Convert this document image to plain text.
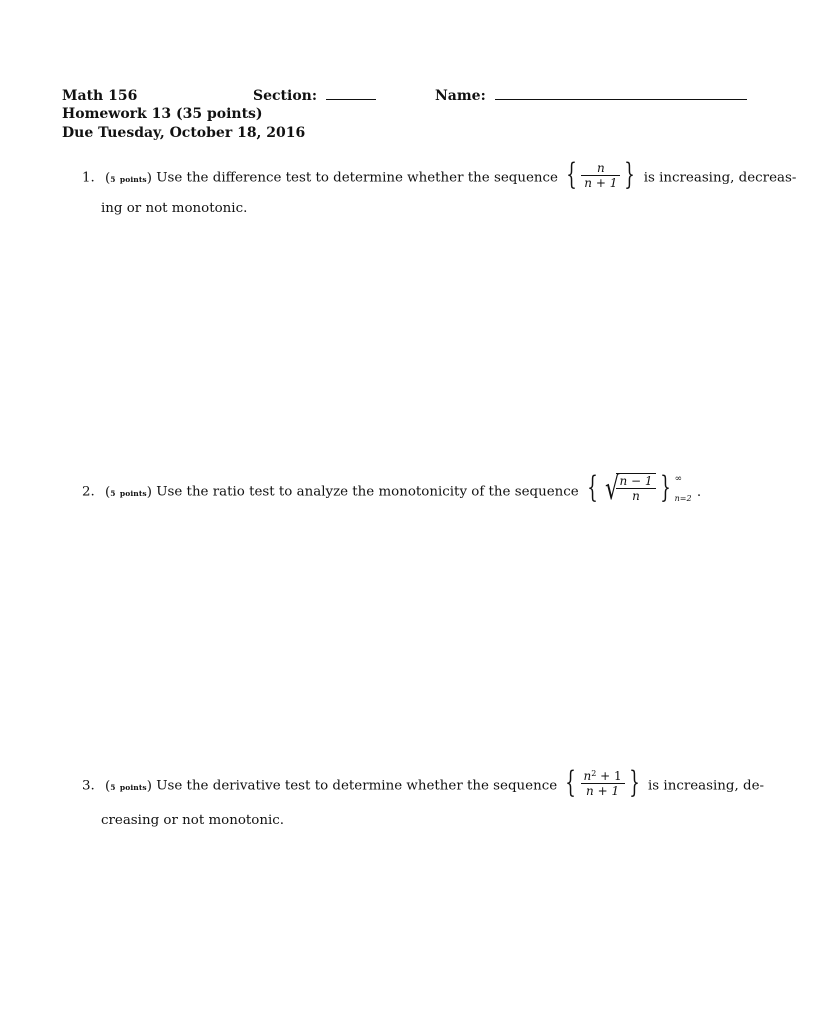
Math 156	Section:	Name:
Homework 13 (35 points)
Due Tuesday, October 18, 2016
1. (5 points) Use the difference test to determine whether the sequence { $\frac{n}{n + 1}$ } is increasing, decreas-
ing or not monotonic.
2. (5 points) Use the ratio test to analyze the monotonicity of the sequence { √
$\frac{n - 1}{n}$ } ∞
n=2 .
3. (5 points) Use the derivative test to determine whether the sequence { $\frac{n^2 + 1}{n + 1}$ } is increasing, de-
creasing or not monotonic.
